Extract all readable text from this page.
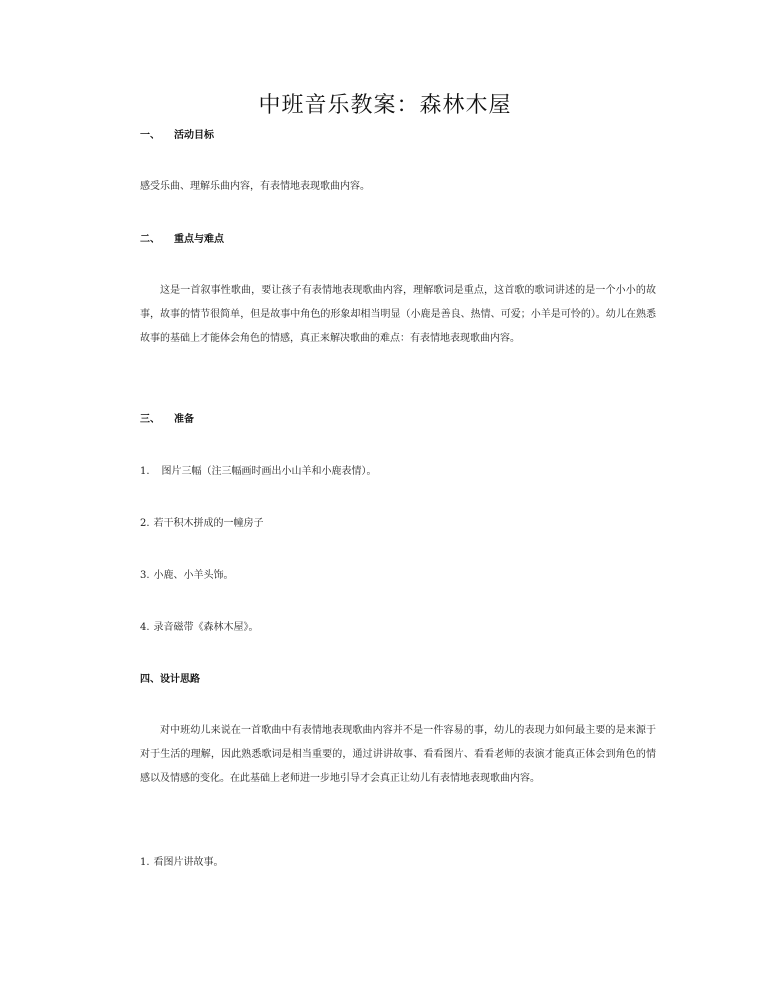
中班音乐教案：森林木屋
一、 活动目标
感受乐曲、理解乐曲内容，有表情地表现歌曲内容。
二、 重点与难点
这是一首叙事性歌曲，要让孩子有表情地表现歌曲内容，理解歌词是重点，这首歌的歌词讲述的是一个小小的故事，故事的情节很简单，但是故事中角色的形象却相当明显（小鹿是善良、热情、可爱；小羊是可怜的）。幼儿在熟悉故事的基础上才能体会角色的情感，真正来解决歌曲的难点：有表情地表现歌曲内容。
三、 准备
1. 图片三幅（注三幅画时画出小山羊和小鹿表情）。
2. 若干积木拼成的一幢房子
3. 小鹿、小羊头饰。
4. 录音磁带《森林木屋》。
四、设计思路
对中班幼儿来说在一首歌曲中有表情地表现歌曲内容并不是一件容易的事，幼儿的表现力如何最主要的是来源于对于生活的理解，因此熟悉歌词是相当重要的，通过讲讲故事、看看图片、看看老师的表演才能真正体会到角色的情感以及情感的变化。在此基础上老师进一步地引导才会真正让幼儿有表情地表现歌曲内容。
1. 看图片讲故事。
